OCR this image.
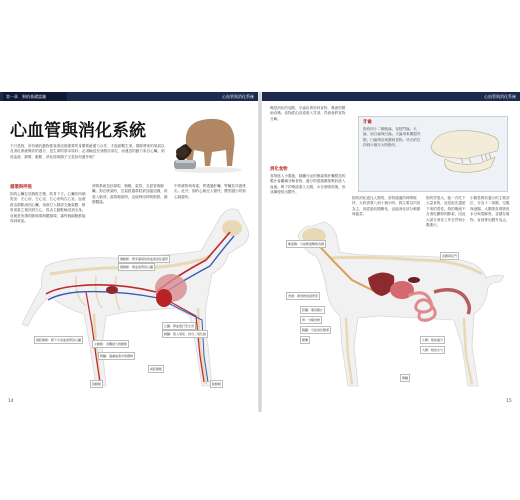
第一章　狗的基礎認識	心血管與消化系統	心血管與消化系統
心血管與消化系統
不只是狗，所有哺乳動物都靠著這個重要的身體系統通力合作，才能維繫生命。靜脈帶來的氧氣以及消化系統吸收的養分，是生命的基本原料；必須輸送至身體各部位，而運送的動力來自心臟。到底血液、靜脈、動脈、消化道與腸子又是如何運作呢？
循環與呼吸
狗的心臟位於胸腔左側，肋骨下方。心臟有四個腔室：左心房、左心室、右心房與右心室。血液經由靜脈流回心臟，再被打入肺部交換氣體，吸收氧氣之後回到左心，再由主動脈輸送到全身。這就是所謂的肺循環與體循環，讓每個細胞都能得到氧氣。
呼吸系統包括鼻腔、咽喉、氣管、支氣管與肺臟。狗在吸氣時，空氣經過鼻腔被加溫加濕，再進入肺部；當狗喘氣時，也能利用呼吸散熱，調節體溫。
中的廢物與毒素，將透過肝臟、腎臟及尿液排出。此外，狗的心跳比人類快，體型越小的狗心跳越快。
頸動脈：將充滿氧氣的血液送往頭部
頸靜脈：將血液帶回心臟
心臟：將血液打至全身
肺臟：吸入氧氣、排出二氧化碳
主動脈：身體最大的動脈
後腔靜脈：將下半身血液帶回心臟
腎臟：過濾血液中的廢物
股動脈
前腔靜脈
肱動脈
14
嘴是消化的起點，牙齒負責咬碎食物，唾液則幫助吞嚥。食物經由食道進入胃部，胃液會將食物分解。
消化食物
食物進入小腸後，胰臟分泌的酵素與肝臟製造的膽汁會繼續分解食物，養分則透過腸壁吸收進入血液。剩下的殘渣進入大腸，水分被吸收後，形成糞便排出體外。
狗的消化道比人類短，食物通過的時間較快，大約需要八到十個小時。狗主要以肉食為主，但經過長期馴化，也能消化部分穀類與蔬菜。
狗的胃很大，能一次吃下大量食物，這是祖先遺留下來的習性。狗的唾液不含消化澱粉的酵素，因此大部分消化工作在胃與小腸進行。
小腸是吸收養分的主要部位，分為十二指腸、空腸與迴腸。大腸則負責吸收水分與電解質，並儲存廢物，直到排出體外為止。
牙齒
狗有四十二顆恆齒，包括門齒、犬齒、前臼齒與臼齒。犬齒用來撕裂肉類，臼齒則用來磨碎食物。幼犬約在四到六個月大時換牙。
唾液腺：分泌唾液幫助吞嚥
食道：將食物送到胃部
肝臟：製造膽汁
胃：分解食物
胰臟：分泌消化酵素
小腸：吸收養分
大腸：吸收水分
直腸與肛門
脾臟
膽囊
15
